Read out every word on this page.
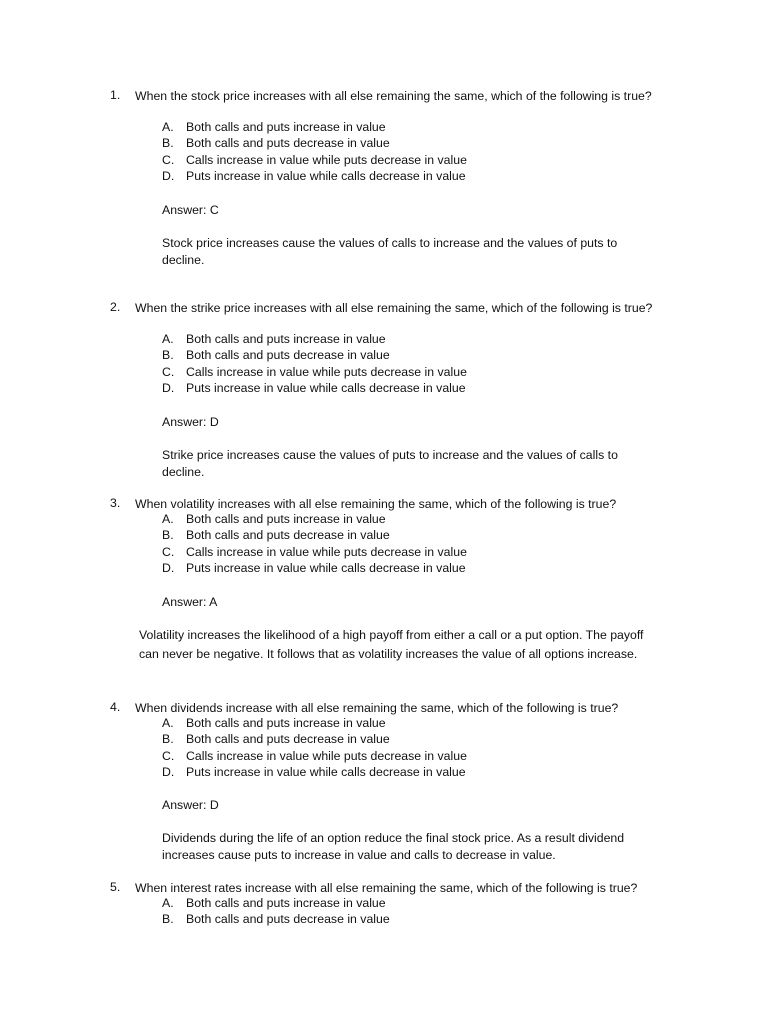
1. When the stock price increases with all else remaining the same, which of the following is true?
A. Both calls and puts increase in value
B. Both calls and puts decrease in value
C. Calls increase in value while puts decrease in value
D. Puts increase in value while calls decrease in value
Answer: C
Stock price increases cause the values of calls to increase and the values of puts to decline.
2. When the strike price increases with all else remaining the same, which of the following is true?
A. Both calls and puts increase in value
B. Both calls and puts decrease in value
C. Calls increase in value while puts decrease in value
D. Puts increase in value while calls decrease in value
Answer: D
Strike price increases cause the values of puts to increase and the values of calls to decline.
3. When volatility increases with all else remaining the same, which of the following is true?
A. Both calls and puts increase in value
B. Both calls and puts decrease in value
C. Calls increase in value while puts decrease in value
D. Puts increase in value while calls decrease in value
Answer: A
Volatility increases the likelihood of a high payoff from either a call or a put option. The payoff can never be negative. It follows that as volatility increases the value of all options increase.
4. When dividends increase with all else remaining the same, which of the following is true?
A. Both calls and puts increase in value
B. Both calls and puts decrease in value
C. Calls increase in value while puts decrease in value
D. Puts increase in value while calls decrease in value
Answer: D
Dividends during the life of an option reduce the final stock price. As a result dividend increases cause puts to increase in value and calls to decrease in value.
5. When interest rates increase with all else remaining the same, which of the following is true?
A. Both calls and puts increase in value
B. Both calls and puts decrease in value
